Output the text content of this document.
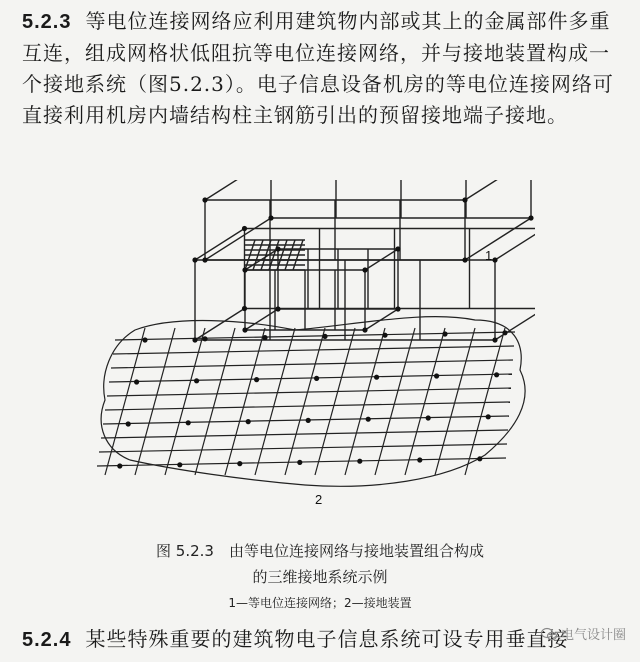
5.2.3 等电位连接网络应利用建筑物内部或其上的金属部件多重互连，组成网格状低阻抗等电位连接网络，并与接地装置构成一个接地系统（图5.2.3）。电子信息设备机房的等电位连接网络可直接利用机房内墙结构柱主钢筋引出的预留接地端子接地。

1
2

图 5.2.3　由等电位连接网络与接地装置组合构成

的三维接地系统示例

1—等电位连接网络；2—接地装置

5.2.4 某些特殊重要的建筑物电子信息系统可设专用垂直接

电气设计圈
